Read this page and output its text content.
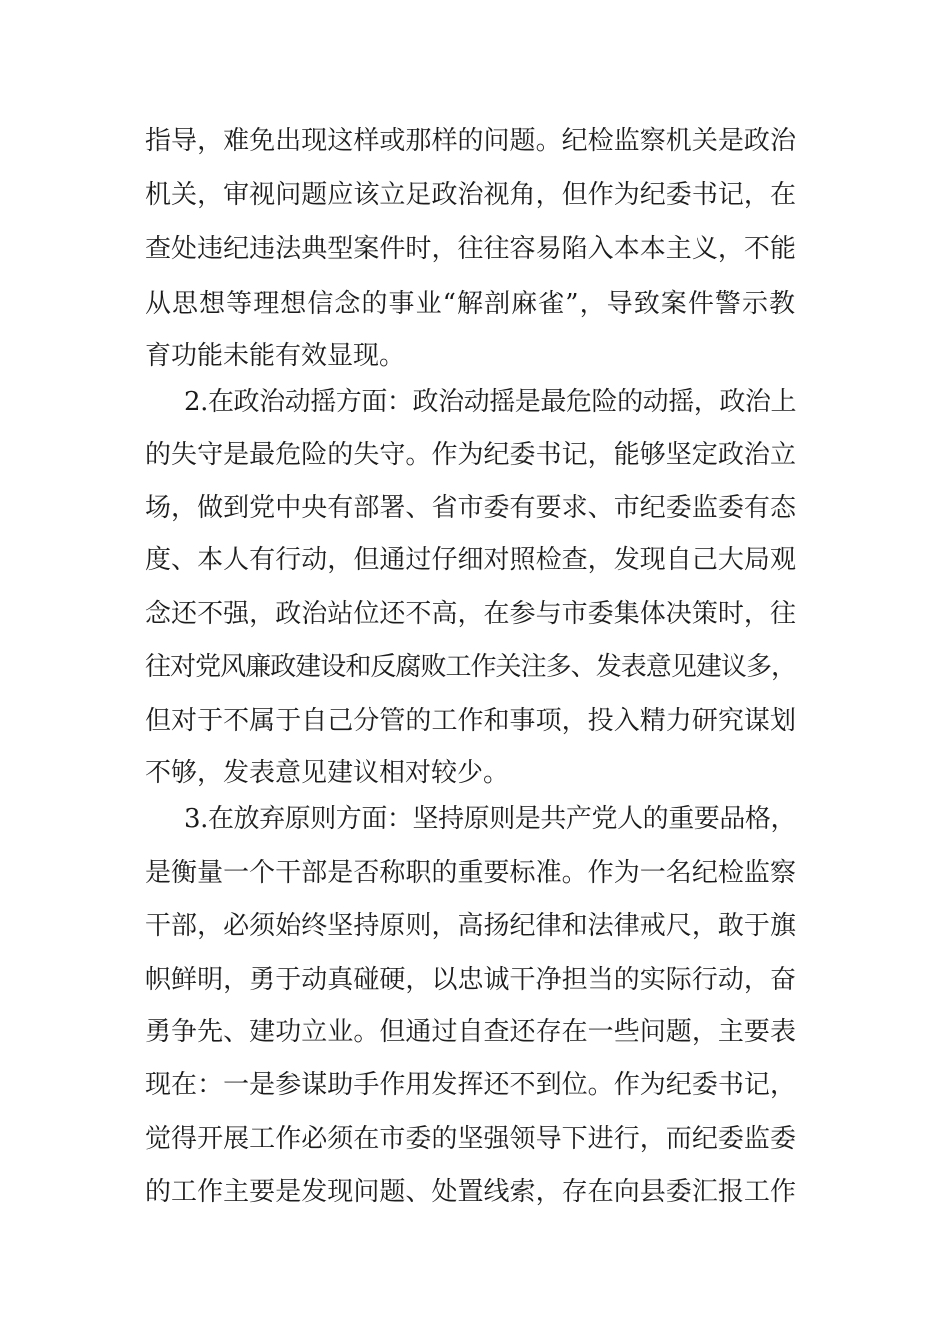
指导，难免出现这样或那样的问题。纪检监察机关是政治
机关，审视问题应该立足政治视角，但作为纪委书记，在
查处违纪违法典型案件时，往往容易陷入本本主义，不能
从思想等理想信念的事业“解剖麻雀”，导致案件警示教
育功能未能有效显现。
2.在政治动摇方面：政治动摇是最危险的动摇，政治上
的失守是最危险的失守。作为纪委书记，能够坚定政治立
场，做到党中央有部署、省市委有要求、市纪委监委有态
度、本人有行动，但通过仔细对照检查，发现自己大局观
念还不强，政治站位还不高，在参与市委集体决策时，往
往对党风廉政建设和反腐败工作关注多、发表意见建议多，
但对于不属于自己分管的工作和事项，投入精力研究谋划
不够，发表意见建议相对较少。
3.在放弃原则方面：坚持原则是共产党人的重要品格，
是衡量一个干部是否称职的重要标准。作为一名纪检监察
干部，必须始终坚持原则，高扬纪律和法律戒尺，敢于旗
帜鲜明，勇于动真碰硬，以忠诚干净担当的实际行动，奋
勇争先、建功立业。但通过自查还存在一些问题，主要表
现在：一是参谋助手作用发挥还不到位。作为纪委书记，
觉得开展工作必须在市委的坚强领导下进行，而纪委监委
的工作主要是发现问题、处置线索，存在向县委汇报工作
